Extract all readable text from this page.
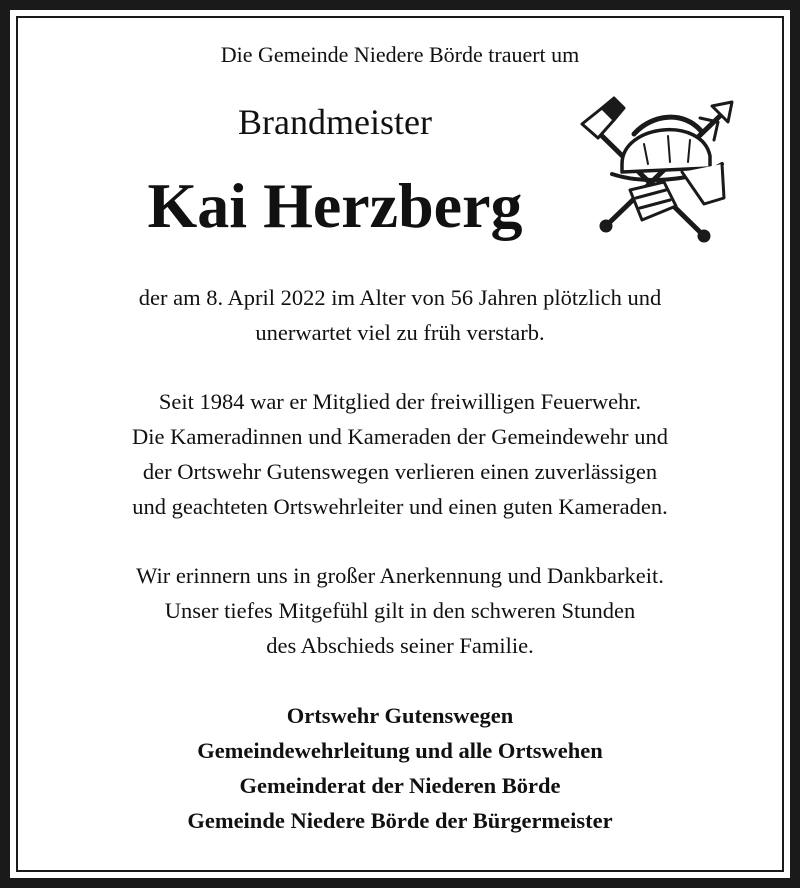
Die Gemeinde Niedere Börde trauert um
Brandmeister
Kai Herzberg
der am 8. April 2022 im Alter von 56 Jahren plötzlich und
unerwartet viel zu früh verstarb.
Seit 1984 war er Mitglied der freiwilligen Feuerwehr.
Die Kameradinnen und Kameraden der Gemeindewehr und
der Ortswehr Gutenswegen verlieren einen zuverlässigen
und geachteten Ortswehrleiter und einen guten Kameraden.
Wir erinnern uns in großer Anerkennung und Dankbarkeit.
Unser tiefes Mitgefühl gilt in den schweren Stunden
des Abschieds seiner Familie.
Ortswehr Gutenswegen
Gemeindewehrleitung und alle Ortswehen
Gemeinderat der Niederen Börde
Gemeinde Niedere Börde der Bürgermeister
